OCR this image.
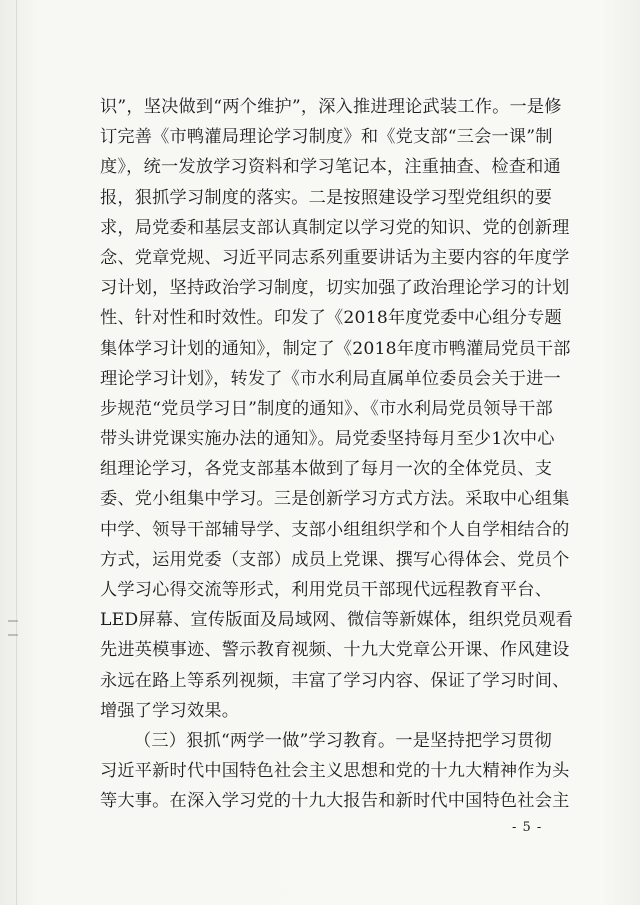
识”，坚决做到“两个维护”，深入推进理论武装工作。一是修
订完善《市鸭灌局理论学习制度》和《党支部“三会一课”制
度》，统一发放学习资料和学习笔记本，注重抽查、检查和通
报，狠抓学习制度的落实。二是按照建设学习型党组织的要
求，局党委和基层支部认真制定以学习党的知识、党的创新理
念、党章党规、习近平同志系列重要讲话为主要内容的年度学
习计划，坚持政治学习制度，切实加强了政治理论学习的计划
性、针对性和时效性。印发了《2018年度党委中心组分专题
集体学习计划的通知》，制定了《2018年度市鸭灌局党员干部
理论学习计划》，转发了《市水利局直属单位委员会关于进一
步规范“党员学习日”制度的通知》、《市水利局党员领导干部
带头讲党课实施办法的通知》。局党委坚持每月至少1次中心
组理论学习，各党支部基本做到了每月一次的全体党员、支
委、党小组集中学习。三是创新学习方式方法。采取中心组集
中学、领导干部辅导学、支部小组组织学和个人自学相结合的
方式，运用党委（支部）成员上党课、撰写心得体会、党员个
人学习心得交流等形式，利用党员干部现代远程教育平台、
LED屏幕、宣传版面及局域网、微信等新媒体，组织党员观看
先进英模事迹、警示教育视频、十九大党章公开课、作风建设
永远在路上等系列视频，丰富了学习内容、保证了学习时间、
增强了学习效果。
（三）狠抓“两学一做”学习教育。一是坚持把学习贯彻
习近平新时代中国特色社会主义思想和党的十九大精神作为头
等大事。在深入学习党的十九大报告和新时代中国特色社会主
- 5 -
